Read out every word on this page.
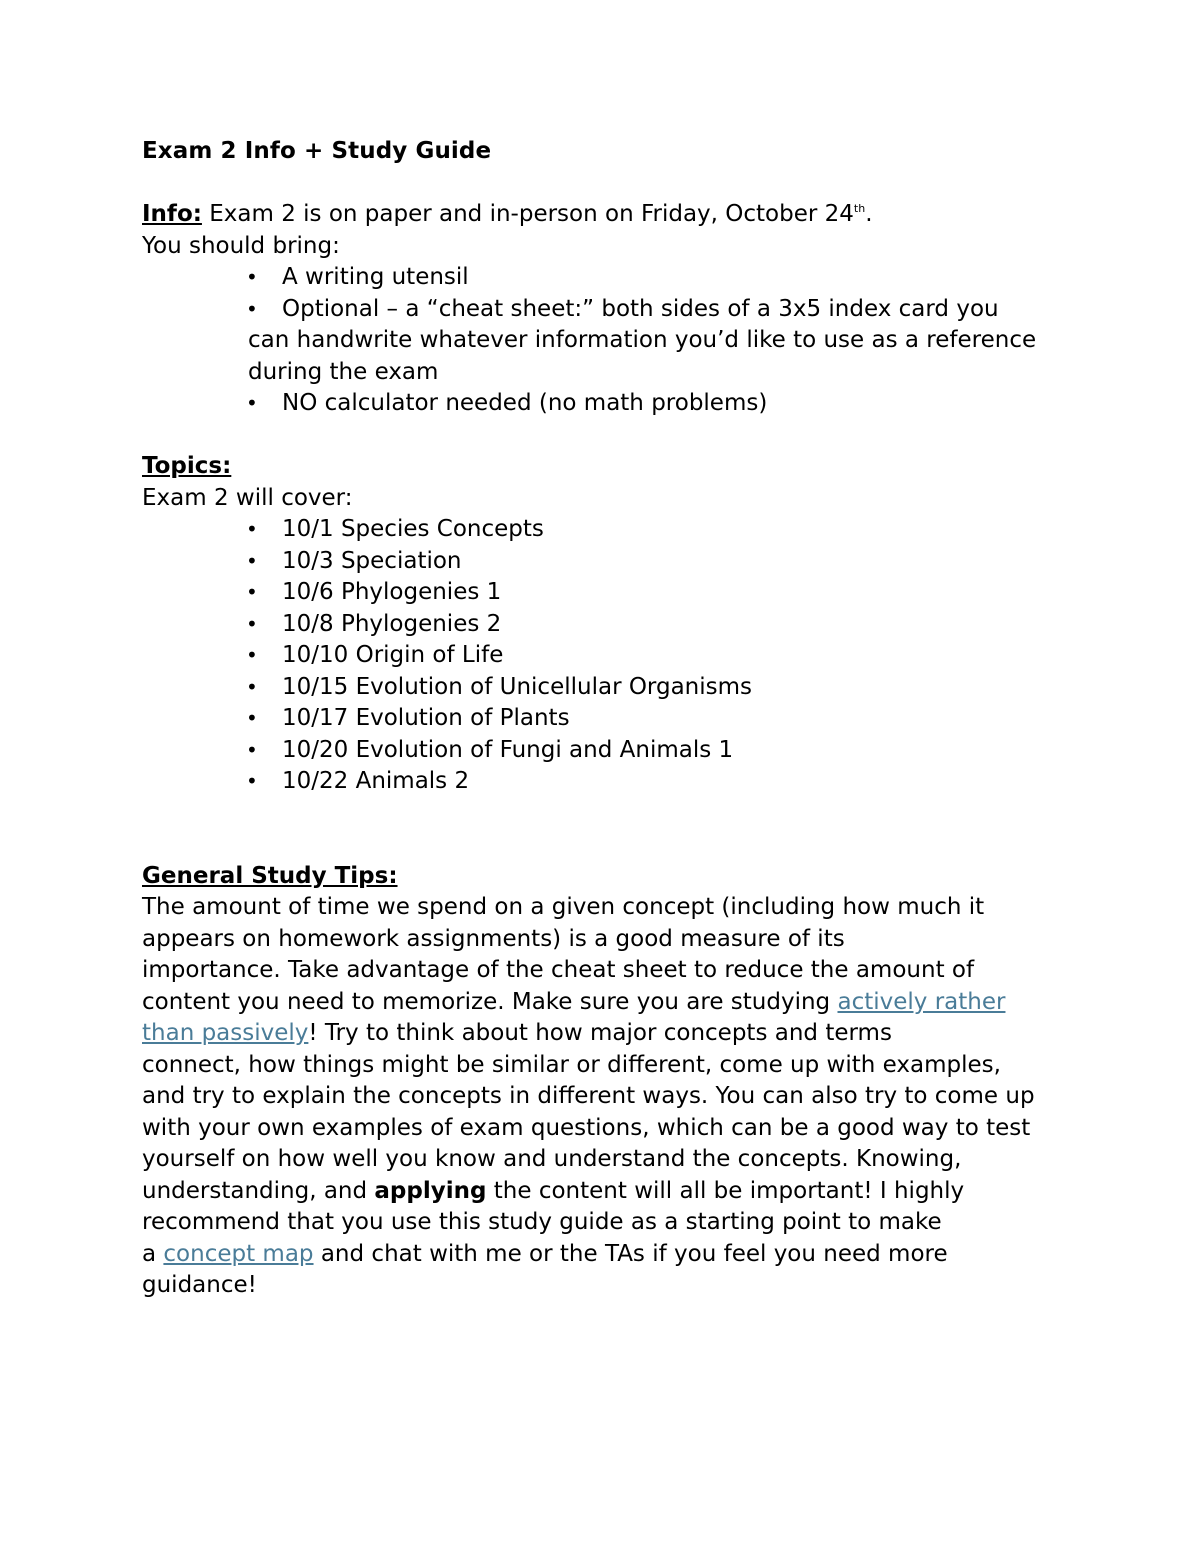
Exam 2 Info + Study Guide

Info: Exam 2 is on paper and in-person on Friday, October 24th.

You should bring:

• A writing utensil
• Optional – a “cheat sheet:” both sides of a 3x5 index card you
can handwrite whatever information you’d like to use as a reference
during the exam
• NO calculator needed (no math problems)

Topics:

Exam 2 will cover:

• 10/1 Species Concepts
• 10/3 Speciation
• 10/6 Phylogenies 1
• 10/8 Phylogenies 2
• 10/10 Origin of Life
• 10/15 Evolution of Unicellular Organisms
• 10/17 Evolution of Plants
• 10/20 Evolution of Fungi and Animals 1
• 10/22 Animals 2

General Study Tips:

The amount of time we spend on a given concept (including how much it
appears on homework assignments) is a good measure of its
importance. Take advantage of the cheat sheet to reduce the amount of
content you need to memorize. Make sure you are studying actively rather
than passively! Try to think about how major concepts and terms
connect, how things might be similar or different, come up with examples,
and try to explain the concepts in different ways. You can also try to come up
with your own examples of exam questions, which can be a good way to test
yourself on how well you know and understand the concepts. Knowing,
understanding, and applying the content will all be important! I highly
recommend that you use this study guide as a starting point to make
a concept map and chat with me or the TAs if you feel you need more
guidance!
